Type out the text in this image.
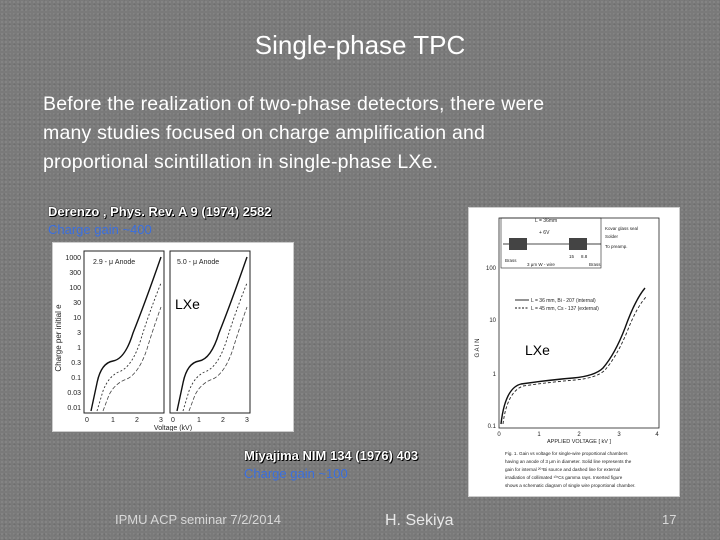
Single-phase TPC
Before the realization of two-phase detectors, there were
many studies focused on charge amplification and
proportional scintillation in single-phase LXe.
Derenzo , Phys. Rev. A 9 (1974) 2582
Charge gain ~400
Charge per initial e
1000
300
100
30
10
3
1
0.3
0.1
0.03
0.01
2.9 - μ Anode	5.0 - μ Anode
0	1	2	3 0	1	2	3
Voltage (kV)
LXe
L = 36mm
+ 6V
Kovar glass seal
Solder
To preamp.
Brass
3 μm W - wire
15 8.8
Brass
100
10
1
0.1
G A I N
L = 36 mm, Bi - 207 (internal)
L = 45 mm, Cs - 137 (external)
0	1	2	3	4
APPLIED VOLTAGE [ kV ]
Fig. 1. Gain vs voltage for single-wire proportional chambers
having an anode of 3 μm in diameter. Solid line represents the
gain for internal ²⁰⁷Bi source and dashed line for external
irradiation of collimated ¹³⁷Cs gamma rays. Inserted figure
shows a schematic diagram of single wire proportional chamber.
LXe
Miyajima NIM 134 (1976) 403
Charge gain ~100
IPMU ACP seminar 7/2/2014	H. Sekiya	17
